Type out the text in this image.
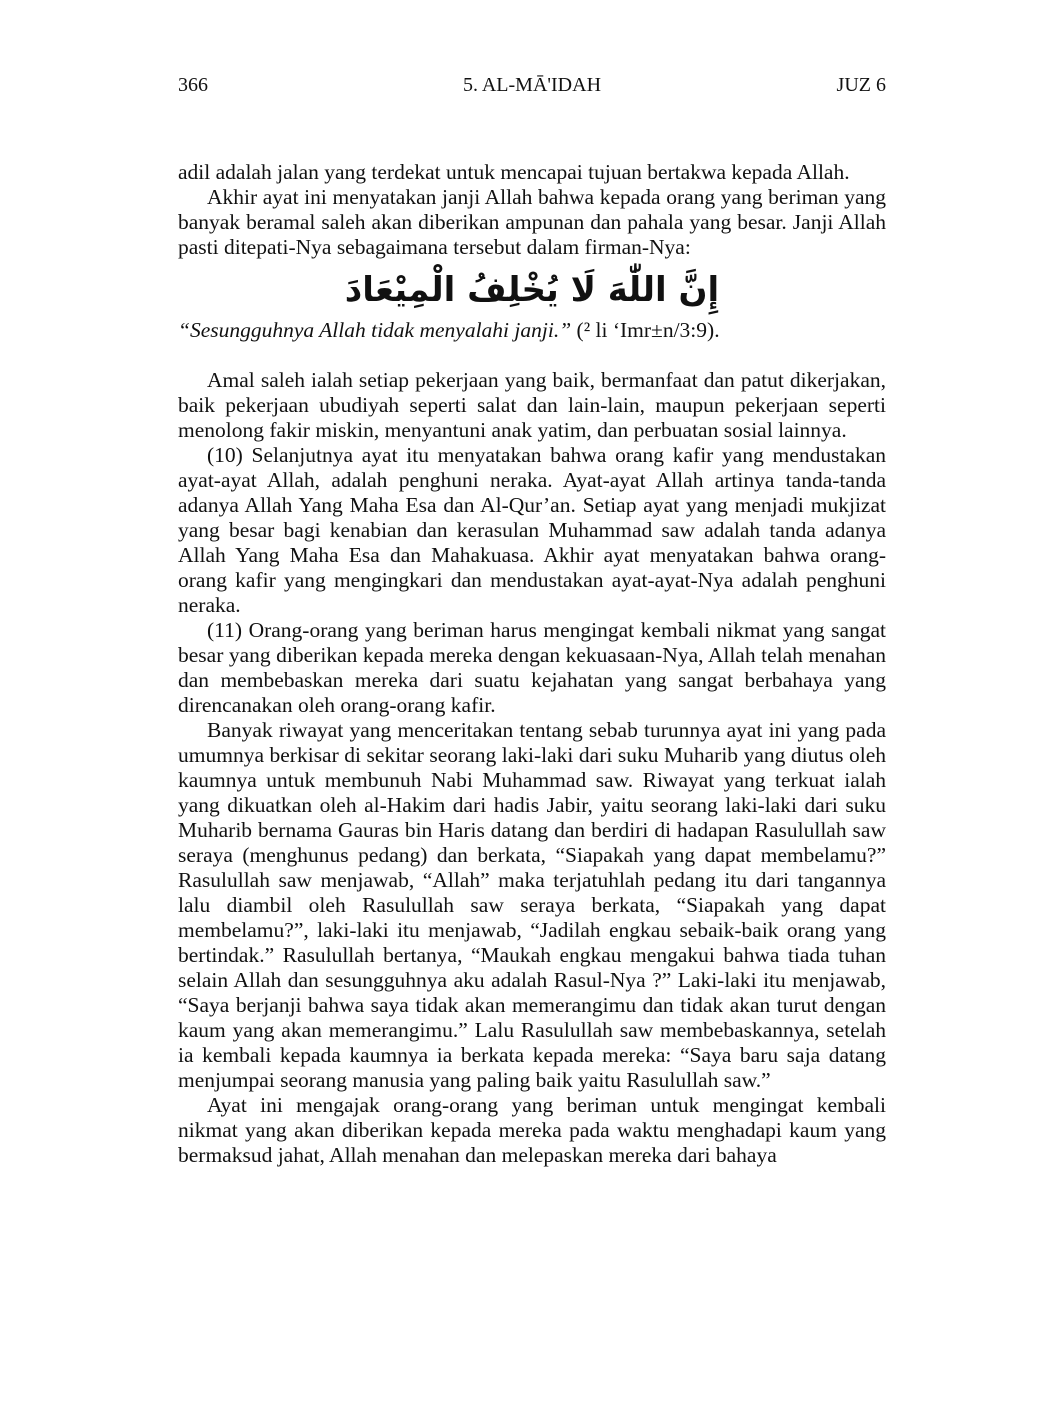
366	5. AL-MĀ'IDAH	JUZ 6

adil adalah jalan yang terdekat untuk mencapai tujuan bertakwa kepada Allah.

Akhir ayat ini menyatakan janji Allah bahwa kepada orang yang beriman yang banyak beramal saleh akan diberikan ampunan dan pahala yang besar. Janji Allah pasti ditepati-Nya sebagaimana tersebut dalam firman-Nya:

إِنَّ اللّٰهَ لَا يُخْلِفُ الْمِيْعَادَ

“Sesungguhnya Allah tidak menyalahi janji.” (² li ‘Imr±n/3:9).

Amal saleh ialah setiap pekerjaan yang baik, bermanfaat dan patut dikerjakan, baik pekerjaan ubudiyah seperti salat dan lain-lain, maupun pekerjaan seperti menolong fakir miskin, menyantuni anak yatim, dan perbuatan sosial lainnya.

(10) Selanjutnya ayat itu menyatakan bahwa orang kafir yang mendustakan ayat-ayat Allah, adalah penghuni neraka. Ayat-ayat Allah artinya tanda-tanda adanya Allah Yang Maha Esa dan Al-Qur’an. Setiap ayat yang menjadi mukjizat yang besar bagi kenabian dan kerasulan Muhammad saw adalah tanda adanya Allah Yang Maha Esa dan Mahakuasa. Akhir ayat menyatakan bahwa orang-orang kafir yang mengingkari dan mendustakan ayat-ayat-Nya adalah penghuni neraka.

(11) Orang-orang yang beriman harus mengingat kembali nikmat yang sangat besar yang diberikan kepada mereka dengan kekuasaan-Nya, Allah telah menahan dan membebaskan mereka dari suatu kejahatan yang sangat berbahaya yang direncanakan oleh orang-orang kafir.

Banyak riwayat yang menceritakan tentang sebab turunnya ayat ini yang pada umumnya berkisar di sekitar seorang laki-laki dari suku Muharib yang diutus oleh kaumnya untuk membunuh Nabi Muhammad saw. Riwayat yang terkuat ialah yang dikuatkan oleh al-Hakim dari hadis Jabir, yaitu seorang laki-laki dari suku Muharib bernama Gauras bin Haris datang dan berdiri di hadapan Rasulullah saw seraya (menghunus pedang) dan berkata, “Siapakah yang dapat membelamu?” Rasulullah saw menjawab, “Allah” maka terjatuhlah pedang itu dari tangannya lalu diambil oleh Rasulullah saw seraya berkata, “Siapakah yang dapat membelamu?”, laki-laki itu menjawab, “Jadilah engkau sebaik-baik orang yang bertindak.” Rasulullah bertanya, “Maukah engkau mengakui bahwa tiada tuhan selain Allah dan sesungguhnya aku adalah Rasul-Nya ?” Laki-laki itu menjawab, “Saya berjanji bahwa saya tidak akan memerangimu dan tidak akan turut dengan kaum yang akan memerangimu.” Lalu Rasulullah saw membebaskannya, setelah ia kembali kepada kaumnya ia berkata kepada mereka: “Saya baru saja datang menjumpai seorang manusia yang paling baik yaitu Rasulullah saw.”

Ayat ini mengajak orang-orang yang beriman untuk mengingat kembali nikmat yang akan diberikan kepada mereka pada waktu menghadapi kaum yang bermaksud jahat, Allah menahan dan melepaskan mereka dari bahaya
